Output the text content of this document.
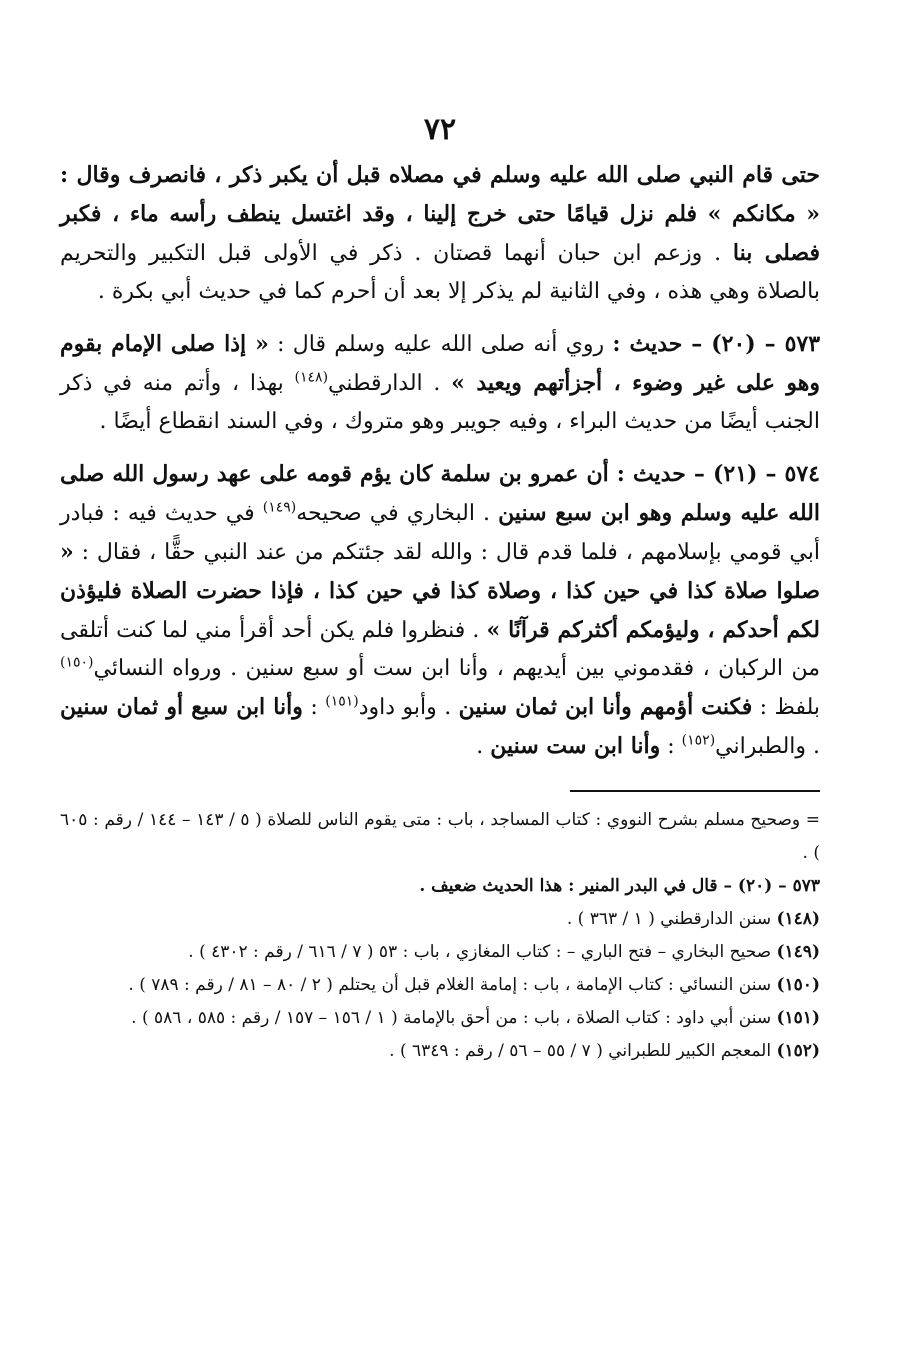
٧٢

حتى قام النبي صلى الله عليه وسلم في مصلاه قبل أن يكبر ذكر ، فانصرف وقال : « مكانكم » فلم نزل قيامًا حتى خرج إلينا ، وقد اغتسل ينطف رأسه ماء ، فكبر فصلى بنا . وزعم ابن حبان أنهما قصتان . ذكر في الأولى قبل التكبير والتحريم بالصلاة وهي هذه ، وفي الثانية لم يذكر إلا بعد أن أحرم كما في حديث أبي بكرة .

٥٧٣ – (٢٠) – حديث : روي أنه صلى الله عليه وسلم قال : « إذا صلى الإمام بقوم وهو على غير وضوء ، أجزأتهم ويعيد » . الدارقطني$^{(١٤٨)}$ بهذا ، وأتم منه في ذكر الجنب أيضًا من حديث البراء ، وفيه جويبر وهو متروك ، وفي السند انقطاع أيضًا .

٥٧٤ – (٢١) – حديث : أن عمرو بن سلمة كان يؤم قومه على عهد رسول الله صلى الله عليه وسلم وهو ابن سبع سنين . البخاري في صحيحه$^{(١٤٩)}$ في حديث فيه : فبادر أبي قومي بإسلامهم ، فلما قدم قال : والله لقد جئتكم من عند النبي حقًّا ، فقال : « صلوا صلاة كذا في حين كذا ، وصلاة كذا في حين كذا ، فإذا حضرت الصلاة فليؤذن لكم أحدكم ، وليؤمكم أكثركم قرآنًا » . فنظروا فلم يكن أحد أقرأ مني لما كنت أتلقى من الركبان ، فقدموني بين أيديهم ، وأنا ابن ست أو سبع سنين . ورواه النسائي$^{(١٥٠)}$ بلفظ : فكنت أؤمهم وأنا ابن ثمان سنين . وأبو داود$^{(١٥١)}$ : وأنا ابن سبع أو ثمان سنين . والطبراني$^{(١٥٢)}$ : وأنا ابن ست سنين .

= وصحيح مسلم بشرح النووي : كتاب المساجد ، باب : متى يقوم الناس للصلاة ( ٥ / ١٤٣ – ١٤٤ / رقم : ٦٠٥ ) .

٥٧٣ – (٢٠) – قال في البدر المنير : هذا الحديث ضعيف .

(١٤٨) سنن الدارقطني ( ١ / ٣٦٣ ) .

(١٤٩) صحيح البخاري – فتح الباري – : كتاب المغازي ، باب : ٥٣ ( ٧ / ٦١٦ / رقم : ٤٣٠٢ ) .

(١٥٠) سنن النسائي : كتاب الإمامة ، باب : إمامة الغلام قبل أن يحتلم ( ٢ / ٨٠ – ٨١ / رقم : ٧٨٩ ) .

(١٥١) سنن أبي داود : كتاب الصلاة ، باب : من أحق بالإمامة ( ١ / ١٥٦ – ١٥٧ / رقم : ٥٨٥ ، ٥٨٦ ) .

(١٥٢) المعجم الكبير للطبراني ( ٧ / ٥٥ – ٥٦ / رقم : ٦٣٤٩ ) .
